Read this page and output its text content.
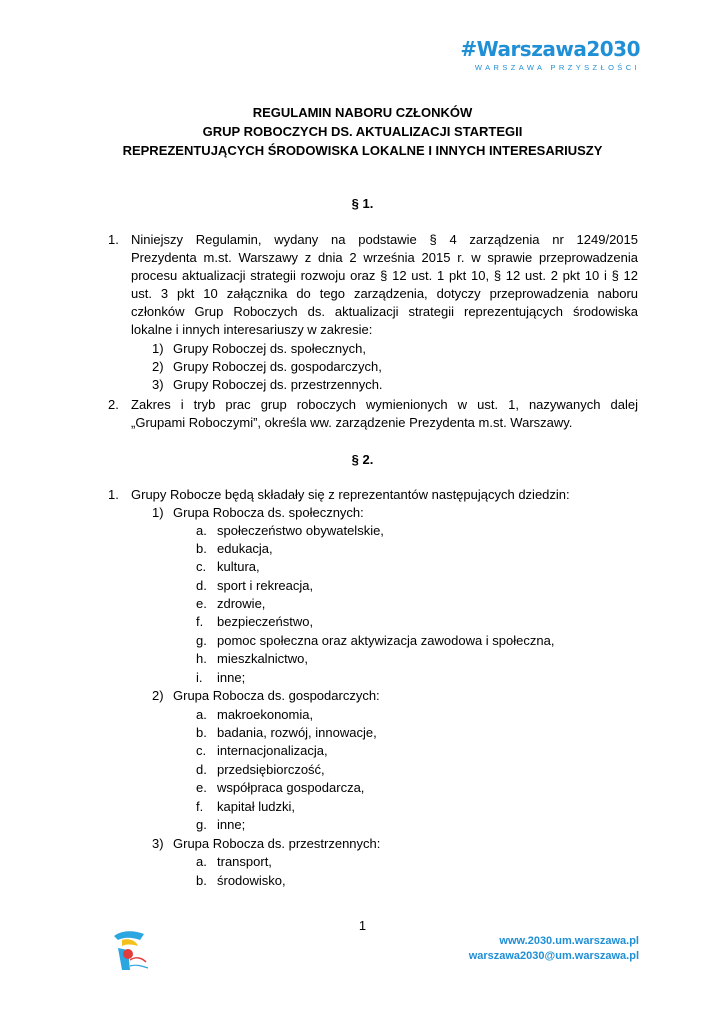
#Warszawa2030
WARSZAWA PRZYSZŁOŚCI
REGULAMIN NABORU CZŁONKÓW
GRUP ROBOCZYCH DS. AKTUALIZACJI STARTEGII
REPREZENTUJĄCYCH ŚRODOWISKA LOKALNE I INNYCH INTERESARIUSZY
§ 1.
1. Niniejszy Regulamin, wydany na podstawie § 4 zarządzenia nr 1249/2015
Prezydenta m.st. Warszawy z dnia 2 września 2015 r. w sprawie przeprowadzenia
procesu aktualizacji strategii rozwoju oraz § 12 ust. 1 pkt 10, § 12 ust. 2 pkt 10 i § 12
ust. 3 pkt 10 załącznika do tego zarządzenia, dotyczy przeprowadzenia naboru
członków Grup Roboczych ds. aktualizacji strategii reprezentujących środowiska
lokalne i innych interesariuszy w zakresie:
1) Grupy Roboczej ds. społecznych,
2) Grupy Roboczej ds. gospodarczych,
3) Grupy Roboczej ds. przestrzennych.
2. Zakres i tryb prac grup roboczych wymienionych w ust. 1, nazywanych dalej
„Grupami Roboczymi”, określa ww. zarządzenie Prezydenta m.st. Warszawy.
§ 2.
1. Grupy Robocze będą składały się z reprezentantów następujących dziedzin:
1) Grupa Robocza ds. społecznych:
a. społeczeństwo obywatelskie,
b. edukacja,
c. kultura,
d. sport i rekreacja,
e. zdrowie,
f. bezpieczeństwo,
g. pomoc społeczna oraz aktywizacja zawodowa i społeczna,
h. mieszkalnictwo,
i. inne;
2) Grupa Robocza ds. gospodarczych:
a. makroekonomia,
b. badania, rozwój, innowacje,
c. internacjonalizacja,
d. przedsiębiorczość,
e. współpraca gospodarcza,
f. kapitał ludzki,
g. inne;
3) Grupa Robocza ds. przestrzennych:
a. transport,
b. środowisko,
1
www.2030.um.warszawa.pl
warszawa2030@um.warszawa.pl
